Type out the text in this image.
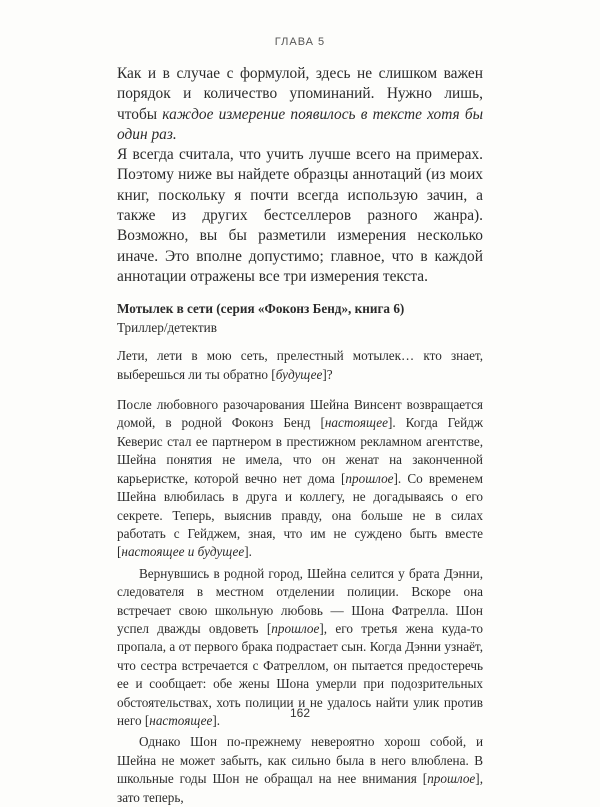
ГЛАВА 5

Как и в случае с формулой, здесь не слишком важен порядок и количество упоминаний. Нужно лишь, чтобы каждое измерение появилось в тексте хотя бы один раз.

Я всегда считала, что учить лучше всего на примерах. Поэтому ниже вы найдете образцы аннотаций (из моих книг, поскольку я почти всегда использую зачин, а также из других бестселлеров разного жанра). Возможно, вы бы разметили измерения несколько иначе. Это вполне допустимо; главное, что в каждой аннотации отражены все три измерения текста.

Мотылек в сети (серия «Фоконз Бенд», книга 6)
Триллер/детектив

Лети, лети в мою сеть, прелестный мотылек… кто знает, выберешься ли ты обратно [будущее]?

После любовного разочарования Шейна Винсент возвращается домой, в родной Фоконз Бенд [настоящее]. Когда Гейдж Кеверис стал ее партнером в престижном рекламном агентстве, Шейна понятия не имела, что он женат на законченной карьеристке, которой вечно нет дома [прошлое]. Со временем Шейна влюбилась в друга и коллегу, не догадываясь о его секрете. Теперь, выяснив правду, она больше не в силах работать с Гейджем, зная, что им не суждено быть вместе [настоящее и будущее].

Вернувшись в родной город, Шейна селится у брата Дэнни, следователя в местном отделении полиции. Вскоре она встречает свою школьную любовь — Шона Фатрелла. Шон успел дважды овдоветь [прошлое], его третья жена куда-то пропала, а от первого брака подрастает сын. Когда Дэнни узнаёт, что сестра встречается с Фатреллом, он пытается предостеречь ее и сообщает: обе жены Шона умерли при подозрительных обстоятельствах, хоть полиции и не удалось найти улик против него [настоящее].

Однако Шон по-прежнему невероятно хорош собой, и Шейна не может забыть, как сильно была в него влюблена. В школьные годы Шон не обращал на нее внимания [прошлое], зато теперь,

162
